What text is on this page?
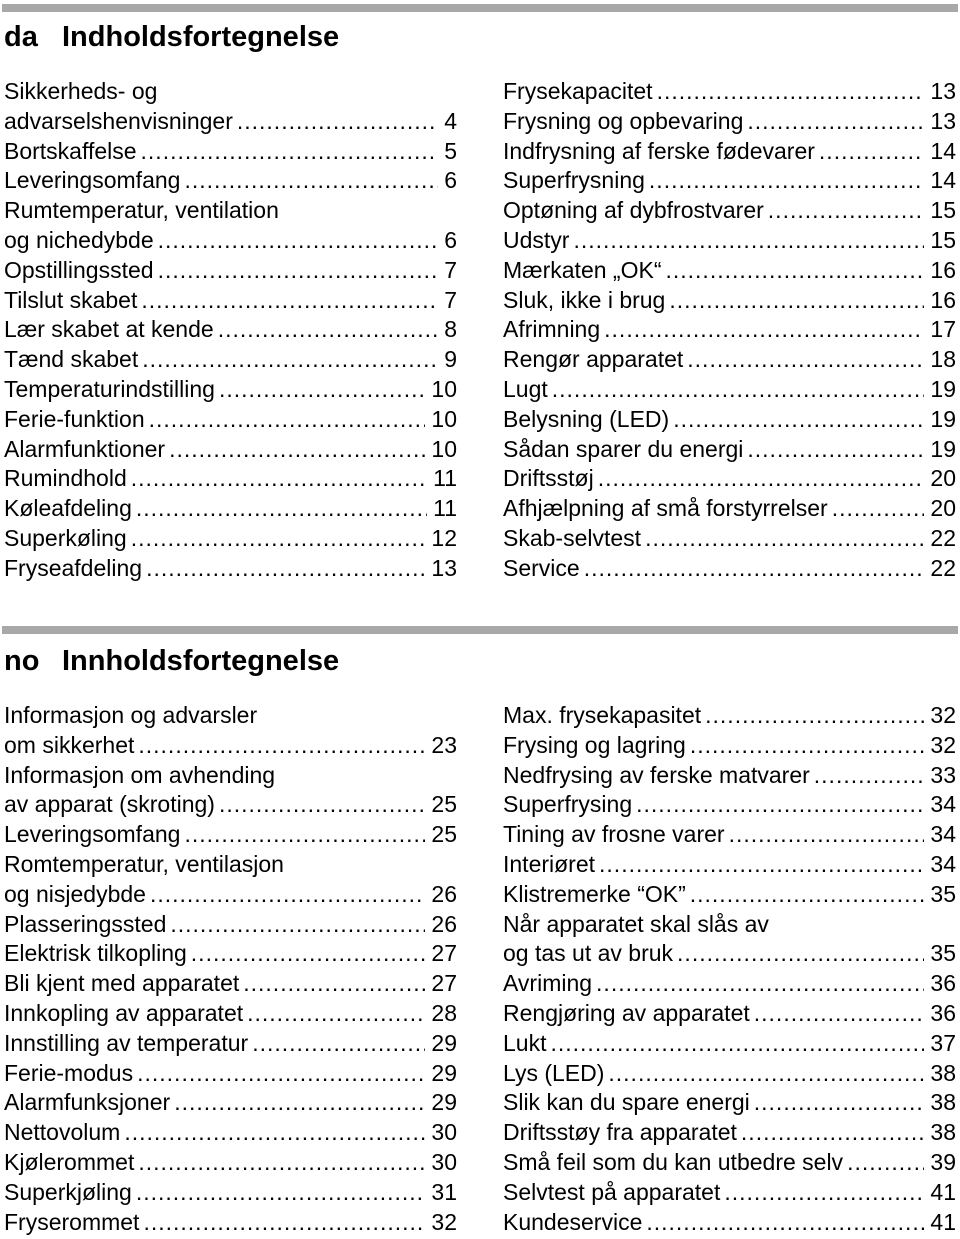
da Indholdsfortegnelse
Sikkerheds- og
advarselshenvisninger .....	4
Bortskaffelse .....	5
Leveringsomfang .....	6
Rumtemperatur, ventilation
og nichedybde .....	6
Opstillingssted .....	7
Tilslut skabet .....	7
Lær skabet at kende .....	8
Tænd skabet .....	9
Temperaturindstilling .....	10
Ferie-funktion .....	10
Alarmfunktioner .....	10
Rumindhold .....	11
Køleafdeling .....	11
Superkøling .....	12
Fryseafdeling .....	13
Frysekapacitet .....	13
Frysning og opbevaring .....	13
Indfrysning af ferske fødevarer .....	14
Superfrysning .....	14
Optøning af dybfrostvarer .....	15
Udstyr .....	15
Mærkaten „OK“ .....	16
Sluk, ikke i brug .....	16
Afrimning .....	17
Rengør apparatet .....	18
Lugt .....	19
Belysning (LED) .....	19
Sådan sparer du energi .....	19
Driftsstøj .....	20
Afhjælpning af små forstyrrelser .....	20
Skab-selvtest .....	22
Service .....	22
no Innholdsfortegnelse
Informasjon og advarsler
om sikkerhet .....	23
Informasjon om avhending
av apparat (skroting) .....	25
Leveringsomfang .....	25
Romtemperatur, ventilasjon
og nisjedybde .....	26
Plasseringssted .....	26
Elektrisk tilkopling .....	27
Bli kjent med apparatet .....	27
Innkopling av apparatet .....	28
Innstilling av temperatur .....	29
Ferie-modus .....	29
Alarmfunksjoner .....	29
Nettovolum .....	30
Kjølerommet .....	30
Superkjøling .....	31
Fryserommet .....	32
Max. frysekapasitet .....	32
Frysing og lagring .....	32
Nedfrysing av ferske matvarer .....	33
Superfrysing .....	34
Tining av frosne varer .....	34
Interiøret .....	34
Klistremerke “OK” .....	35
Når apparatet skal slås av
og tas ut av bruk .....	35
Avriming .....	36
Rengjøring av apparatet .....	36
Lukt .....	37
Lys (LED) .....	38
Slik kan du spare energi .....	38
Driftsstøy fra apparatet .....	38
Små feil som du kan utbedre selv .....	39
Selvtest på apparatet .....	41
Kundeservice .....	41
